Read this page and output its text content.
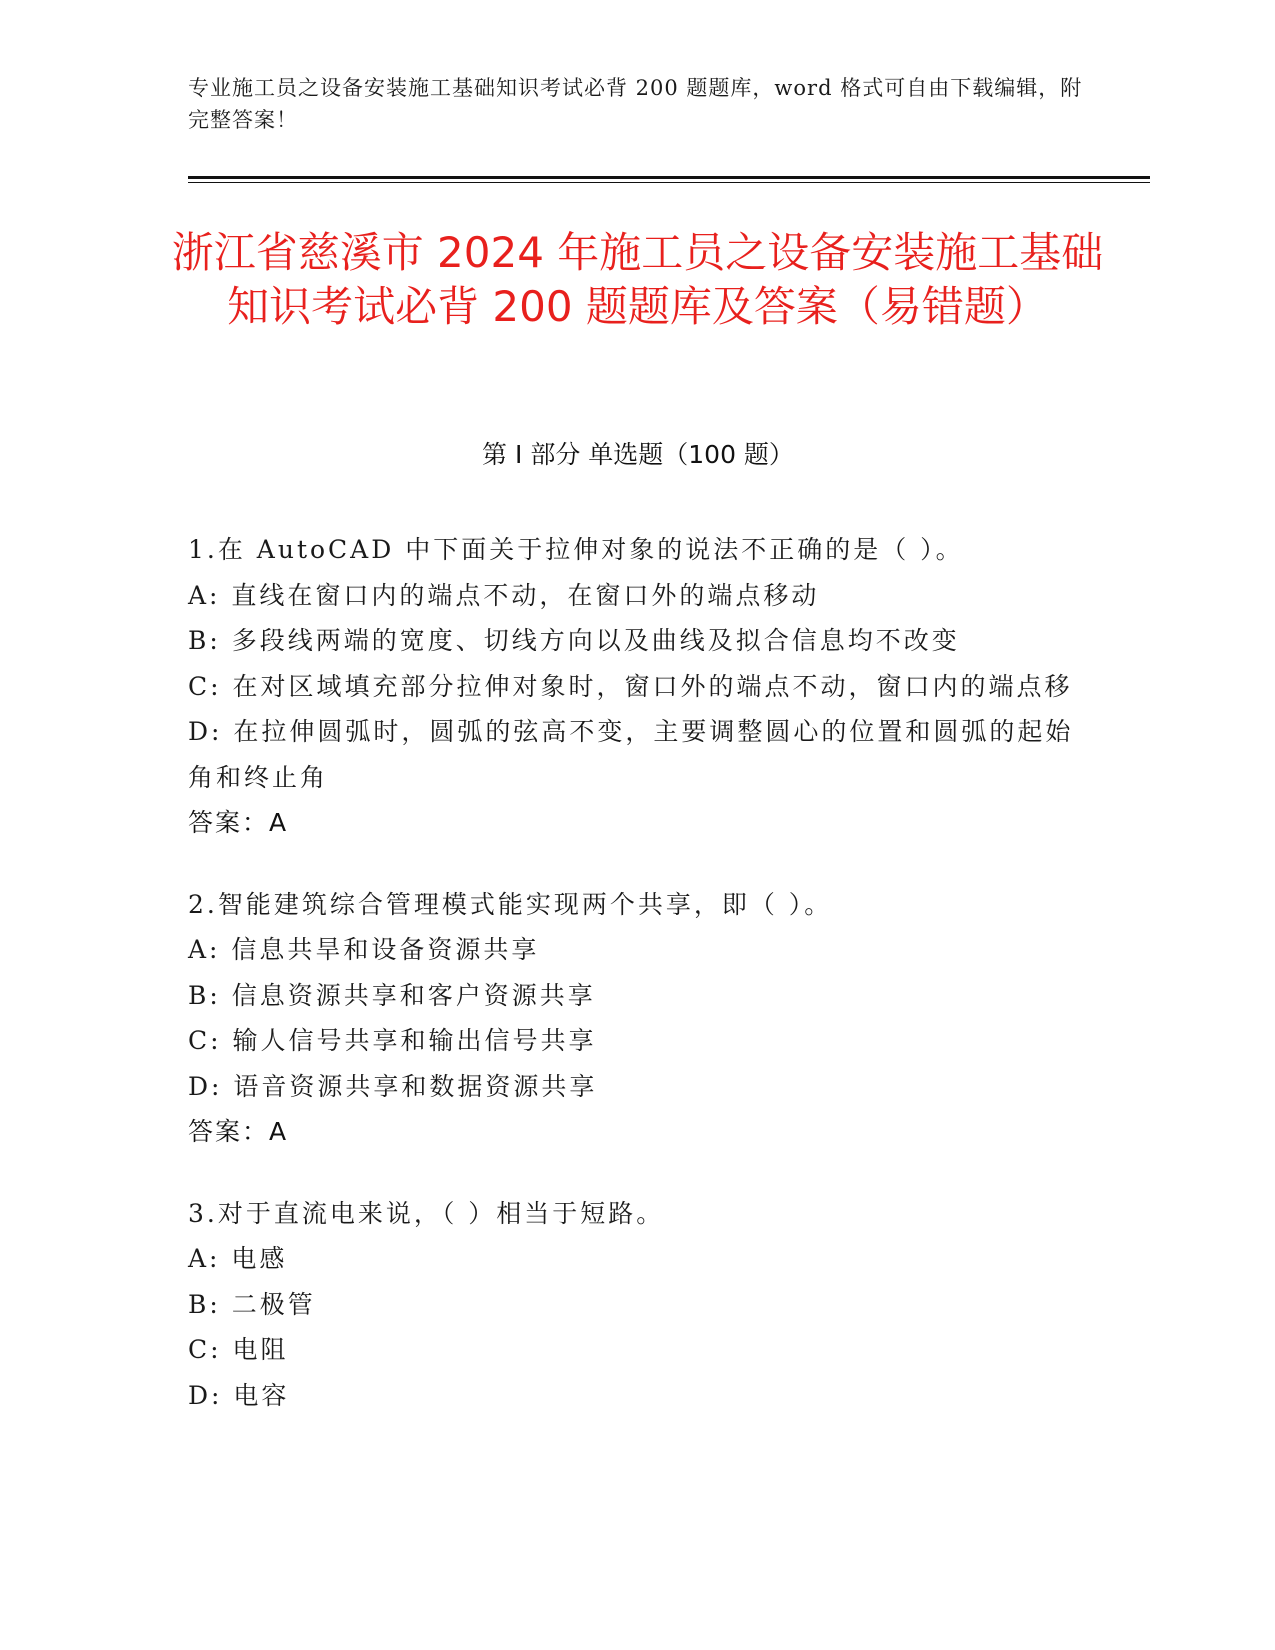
专业施工员之设备安装施工基础知识考试必背 200 题题库，word 格式可自由下载编辑，附完整答案！
浙江省慈溪市 2024 年施工员之设备安装施工基础知识考试必背 200 题题库及答案（易错题）
第 I 部分 单选题（100 题）
1.在 AutoCAD 中下面关于拉伸对象的说法不正确的是（ ）。
A: 直线在窗口内的端点不动，在窗口外的端点移动
B: 多段线两端的宽度、切线方向以及曲线及拟合信息均不改变
C: 在对区域填充部分拉伸对象时，窗口外的端点不动，窗口内的端点移
D: 在拉伸圆弧时，圆弧的弦高不变，主要调整圆心的位置和圆弧的起始角和终止角
答案：A
2.智能建筑综合管理模式能实现两个共享，即（ ）。
A: 信息共旱和设备资源共享
B: 信息资源共享和客户资源共享
C: 输人信号共享和输出信号共享
D: 语音资源共享和数据资源共享
答案：A
3.对于直流电来说，（ ）相当于短路。
A: 电感
B: 二极管
C: 电阻
D: 电容
